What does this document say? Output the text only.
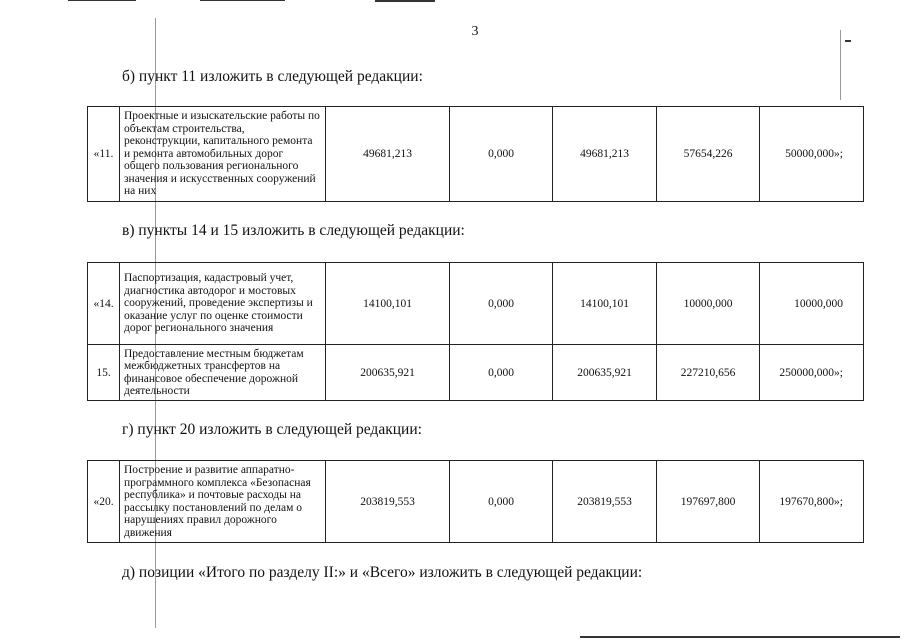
3
б) пункт 11 изложить в следующей редакции:
«11.	Проектные и изыскательские работы по объектам строительства, реконструкции, капитального ремонта и ремонта автомобильных дорог общего пользования регионального значения и искусственных сооружений на них	49681,213	0,000	49681,213	57654,226	50000,000»;
в) пункты 14 и 15 изложить в следующей редакции:
«14.	Паспортизация, кадастровый учет, диагностика автодорог и мостовых сооружений, проведение экспертизы и оказание услуг по оценке стоимости дорог регионального значения	14100,101	0,000	14100,101	10000,000	10000,000
15.	Предоставление местным бюджетам межбюджетных трансфертов на финансовое обеспечение дорожной деятельности	200635,921	0,000	200635,921	227210,656	250000,000»;
г) пункт 20 изложить в следующей редакции:
«20.	Построение и развитие аппаратно-программного комплекса «Безопасная республика» и почтовые расходы на рассылку постановлений по делам о нарушениях правил дорожного движения	203819,553	0,000	203819,553	197697,800	197670,800»;
д) позиции «Итого по разделу II:» и «Всего» изложить в следующей редакции:
